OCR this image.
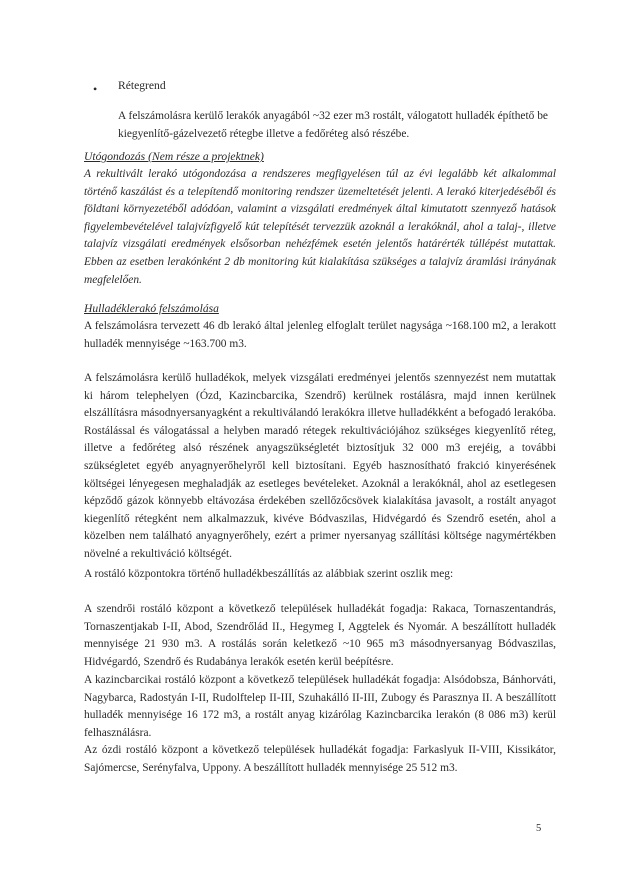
• Rétegrend

A felszámolásra kerülő lerakók anyagából ~32 ezer m3 rostált, válogatott hulladék építhető be kiegyenlítő-gázelvezető rétegbe illetve a fedőréteg alsó részébe.

Utógondozás (Nem része a projektnek)

A rekultivált lerakó utógondozása a rendszeres megfigyelésen túl az évi legalább két alkalommal történő kaszálást és a telepítendő monitoring rendszer üzemeltetését jelenti. A lerakó kiterjedéséből és földtani környezetéből adódóan, valamint a vizsgálati eredmények által kimutatott szennyező hatások figyelembevételével talajvízfigyelő kút telepítését tervezzük azoknál a lerakóknál, ahol a talaj-, illetve talajvíz vizsgálati eredmények elsősorban nehézfémek esetén jelentős határérték túllépést mutattak. Ebben az esetben lerakónként 2 db monitoring kút kialakítása szükséges a talajvíz áramlási irányának megfelelően.

Hulladéklerakó felszámolása

A felszámolásra tervezett 46 db lerakó által jelenleg elfoglalt terület nagysága ~168.100 m2, a lerakott hulladék mennyisége ~163.700 m3.

A felszámolásra kerülő hulladékok, melyek vizsgálati eredményei jelentős szennyezést nem mutattak ki három telephelyen (Ózd, Kazincbarcika, Szendrő) kerülnek rostálásra, majd innen kerülnek elszállításra másodnyersanyagként a rekultiválandó lerakókra illetve hulladékként a befogadó lerakóba. Rostálással és válogatással a helyben maradó rétegek rekultivációjához szükséges kiegyenlítő réteg, illetve a fedőréteg alsó részének anyagszükségletét biztosítjuk 32 000 m3 erejéig, a további szükségletet egyéb anyagnyerőhelyről kell biztosítani. Egyéb hasznosítható frakció kinyerésének költségei lényegesen meghaladják az esetleges bevételeket. Azoknál a lerakóknál, ahol az esetlegesen képződő gázok könnyebb eltávozása érdekében szellőzőcsövek kialakítása javasolt, a rostált anyagot kiegenlítő rétegként nem alkalmazzuk, kivéve Bódvaszilas, Hidvégardó és Szendrő esetén, ahol a közelben nem található anyagnyerőhely, ezért a primer nyersanyag szállítási költsége nagymértékben növelné a rekultiváció költségét.

A rostáló központokra történő hulladékbeszállítás az alábbiak szerint oszlik meg:

A szendrői rostáló központ a következő települések hulladékát fogadja: Rakaca, Tornaszentandrás, Tornaszentjakab I-II, Abod, Szendrőlád II., Hegymeg I, Aggtelek és Nyomár. A beszállított hulladék mennyisége 21 930 m3. A rostálás során keletkező ~10 965 m3 másodnyersanyag Bódvaszilas, Hidvégardó, Szendrő és Rudabánya lerakók esetén kerül beépítésre.

A kazincbarcikai rostáló központ a következő települések hulladékát fogadja: Alsódobsza, Bánhorváti, Nagybarca, Radostyán I-II, Rudolftelep II-III, Szuhakálló II-III, Zubogy és Parasznya II. A beszállított hulladék mennyisége 16 172 m3, a rostált anyag kizárólag Kazincbarcika lerakón (8 086 m3) kerül felhasználásra.

Az ózdi rostáló központ a következő települések hulladékát fogadja: Farkaslyuk II-VIII, Kissikátor, Sajómercse, Serényfalva, Uppony. A beszállított hulladék mennyisége 25 512 m3.

5
